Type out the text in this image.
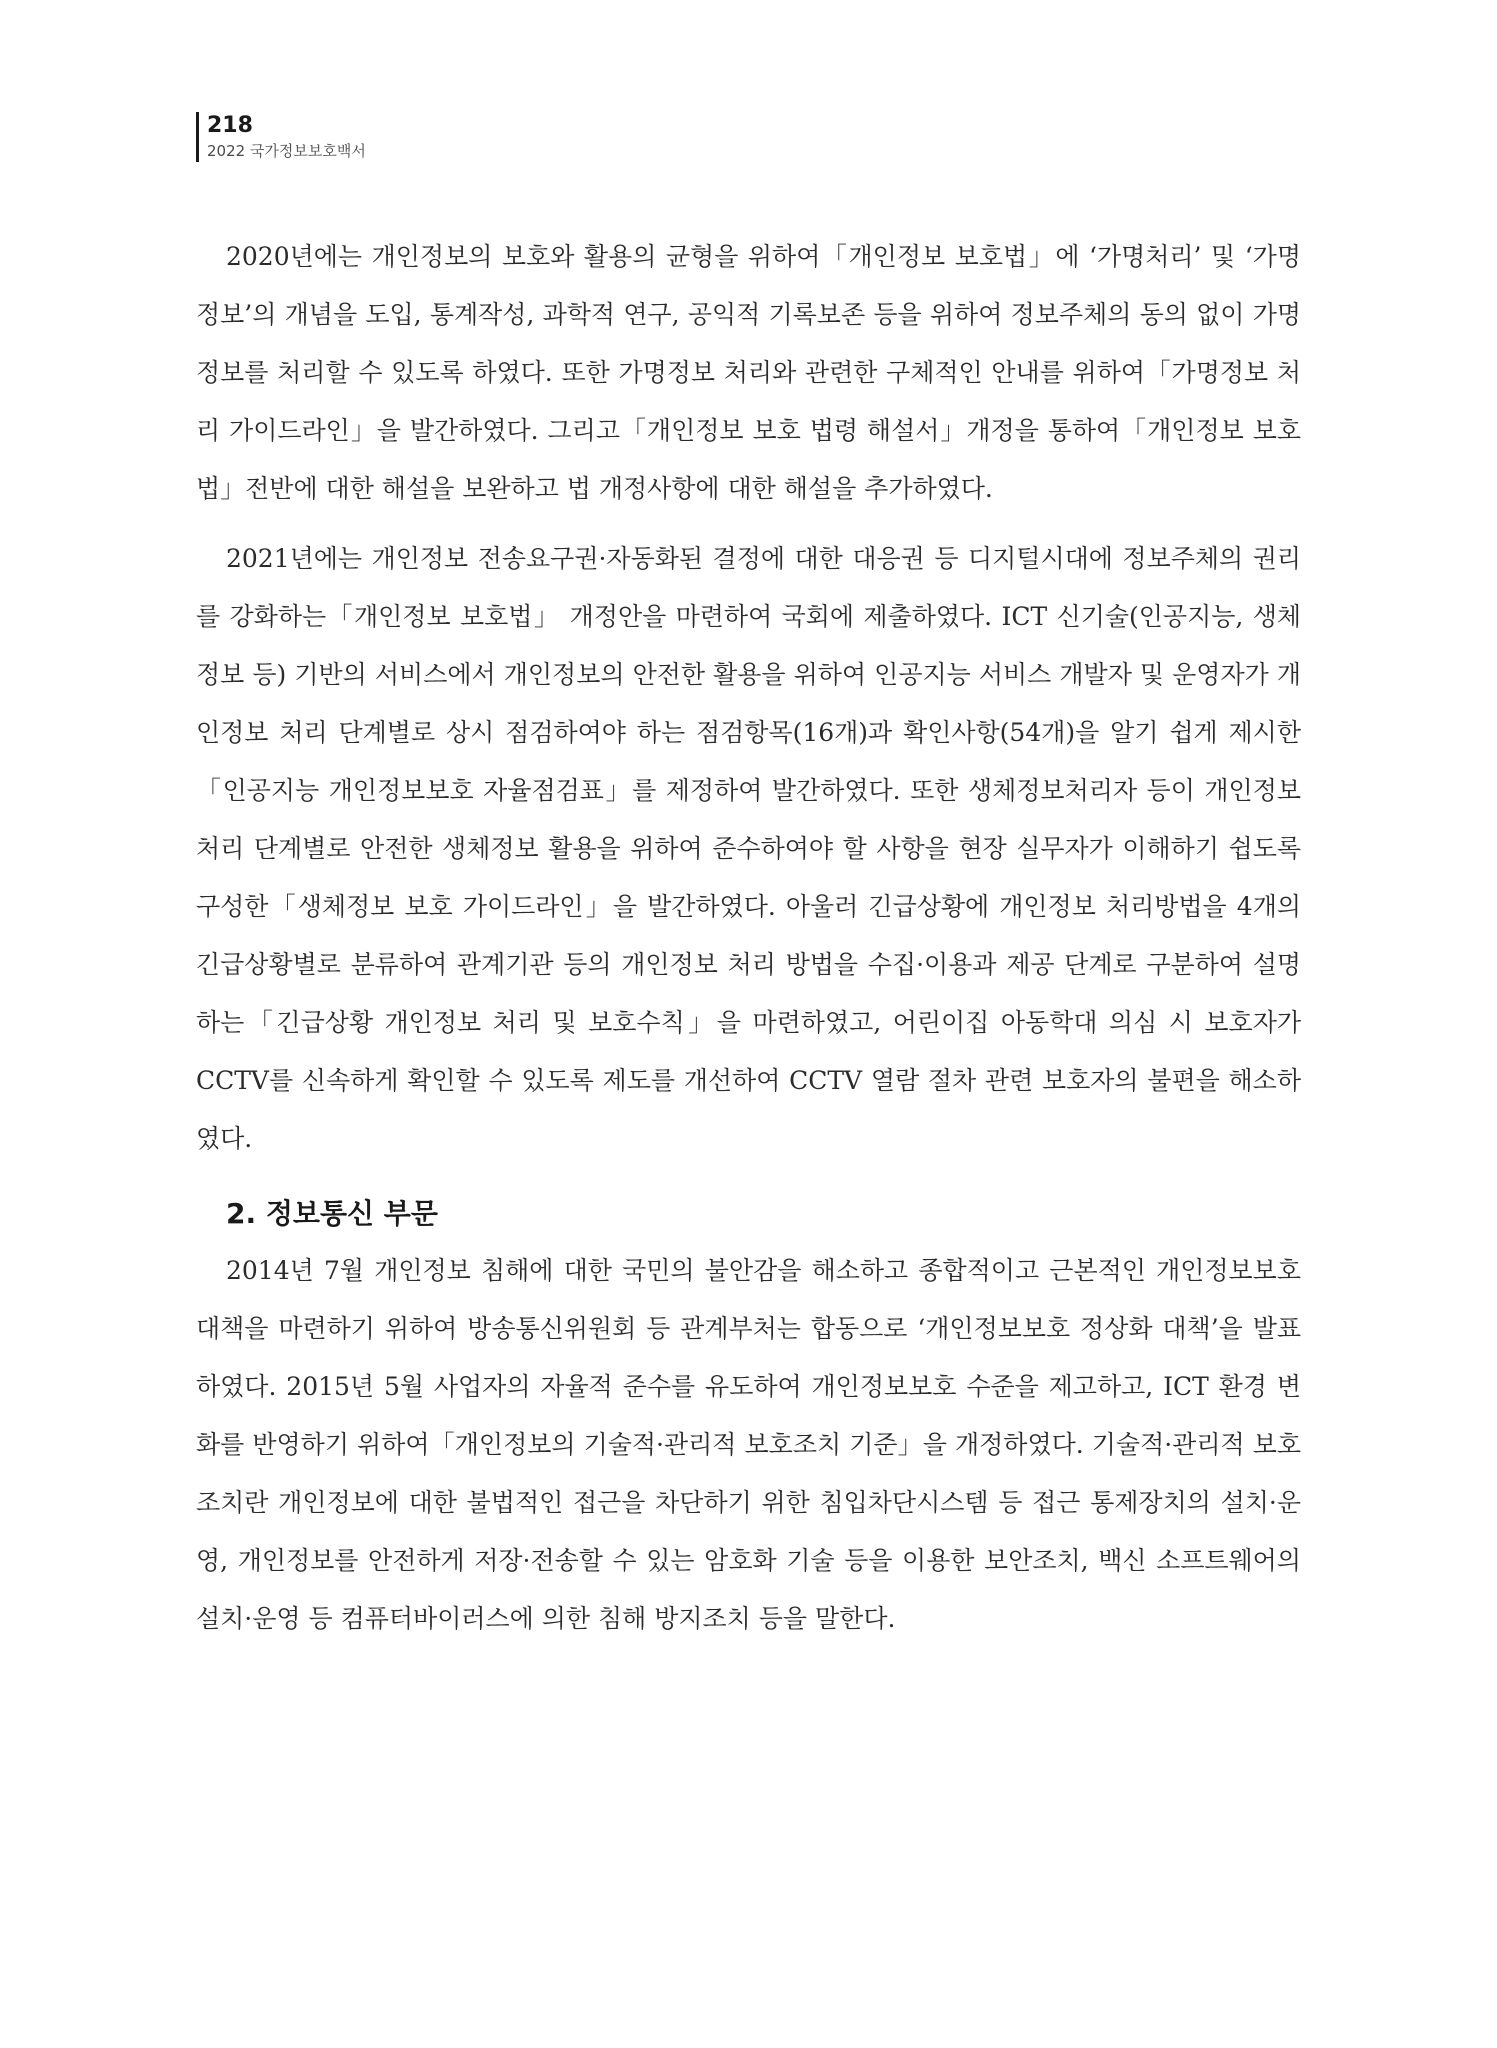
218
2022 국가정보보호백서

2020년에는 개인정보의 보호와 활용의 균형을 위하여「개인정보 보호법」에 ‘가명처리’ 및 ‘가명정보’의 개념을 도입, 통계작성, 과학적 연구, 공익적 기록보존 등을 위하여 정보주체의 동의 없이 가명정보를 처리할 수 있도록 하였다. 또한 가명정보 처리와 관련한 구체적인 안내를 위하여「가명정보 처리 가이드라인」을 발간하였다. 그리고「개인정보 보호 법령 해설서」개정을 통하여「개인정보 보호법」전반에 대한 해설을 보완하고 법 개정사항에 대한 해설을 추가하였다.

2021년에는 개인정보 전송요구권·자동화된 결정에 대한 대응권 등 디지털시대에 정보주체의 권리를 강화하는「개인정보 보호법」 개정안을 마련하여 국회에 제출하였다. ICT 신기술(인공지능, 생체정보 등) 기반의 서비스에서 개인정보의 안전한 활용을 위하여 인공지능 서비스 개발자 및 운영자가 개인정보 처리 단계별로 상시 점검하여야 하는 점검항목(16개)과 확인사항(54개)을 알기 쉽게 제시한「인공지능 개인정보보호 자율점검표」를 제정하여 발간하였다. 또한 생체정보처리자 등이 개인정보 처리 단계별로 안전한 생체정보 활용을 위하여 준수하여야 할 사항을 현장 실무자가 이해하기 쉽도록 구성한「생체정보 보호 가이드라인」을 발간하였다. 아울러 긴급상황에 개인정보 처리방법을 4개의 긴급상황별로 분류하여 관계기관 등의 개인정보 처리 방법을 수집·이용과 제공 단계로 구분하여 설명하는「긴급상황 개인정보 처리 및 보호수칙」을 마련하였고, 어린이집 아동학대 의심 시 보호자가 CCTV를 신속하게 확인할 수 있도록 제도를 개선하여 CCTV 열람 절차 관련 보호자의 불편을 해소하였다.

2. 정보통신 부문

2014년 7월 개인정보 침해에 대한 국민의 불안감을 해소하고 종합적이고 근본적인 개인정보보호 대책을 마련하기 위하여 방송통신위원회 등 관계부처는 합동으로 ‘개인정보보호 정상화 대책’을 발표하였다. 2015년 5월 사업자의 자율적 준수를 유도하여 개인정보보호 수준을 제고하고, ICT 환경 변화를 반영하기 위하여「개인정보의 기술적·관리적 보호조치 기준」을 개정하였다. 기술적·관리적 보호조치란 개인정보에 대한 불법적인 접근을 차단하기 위한 침입차단시스템 등 접근 통제장치의 설치·운영, 개인정보를 안전하게 저장·전송할 수 있는 암호화 기술 등을 이용한 보안조치, 백신 소프트웨어의 설치·운영 등 컴퓨터바이러스에 의한 침해 방지조치 등을 말한다.
